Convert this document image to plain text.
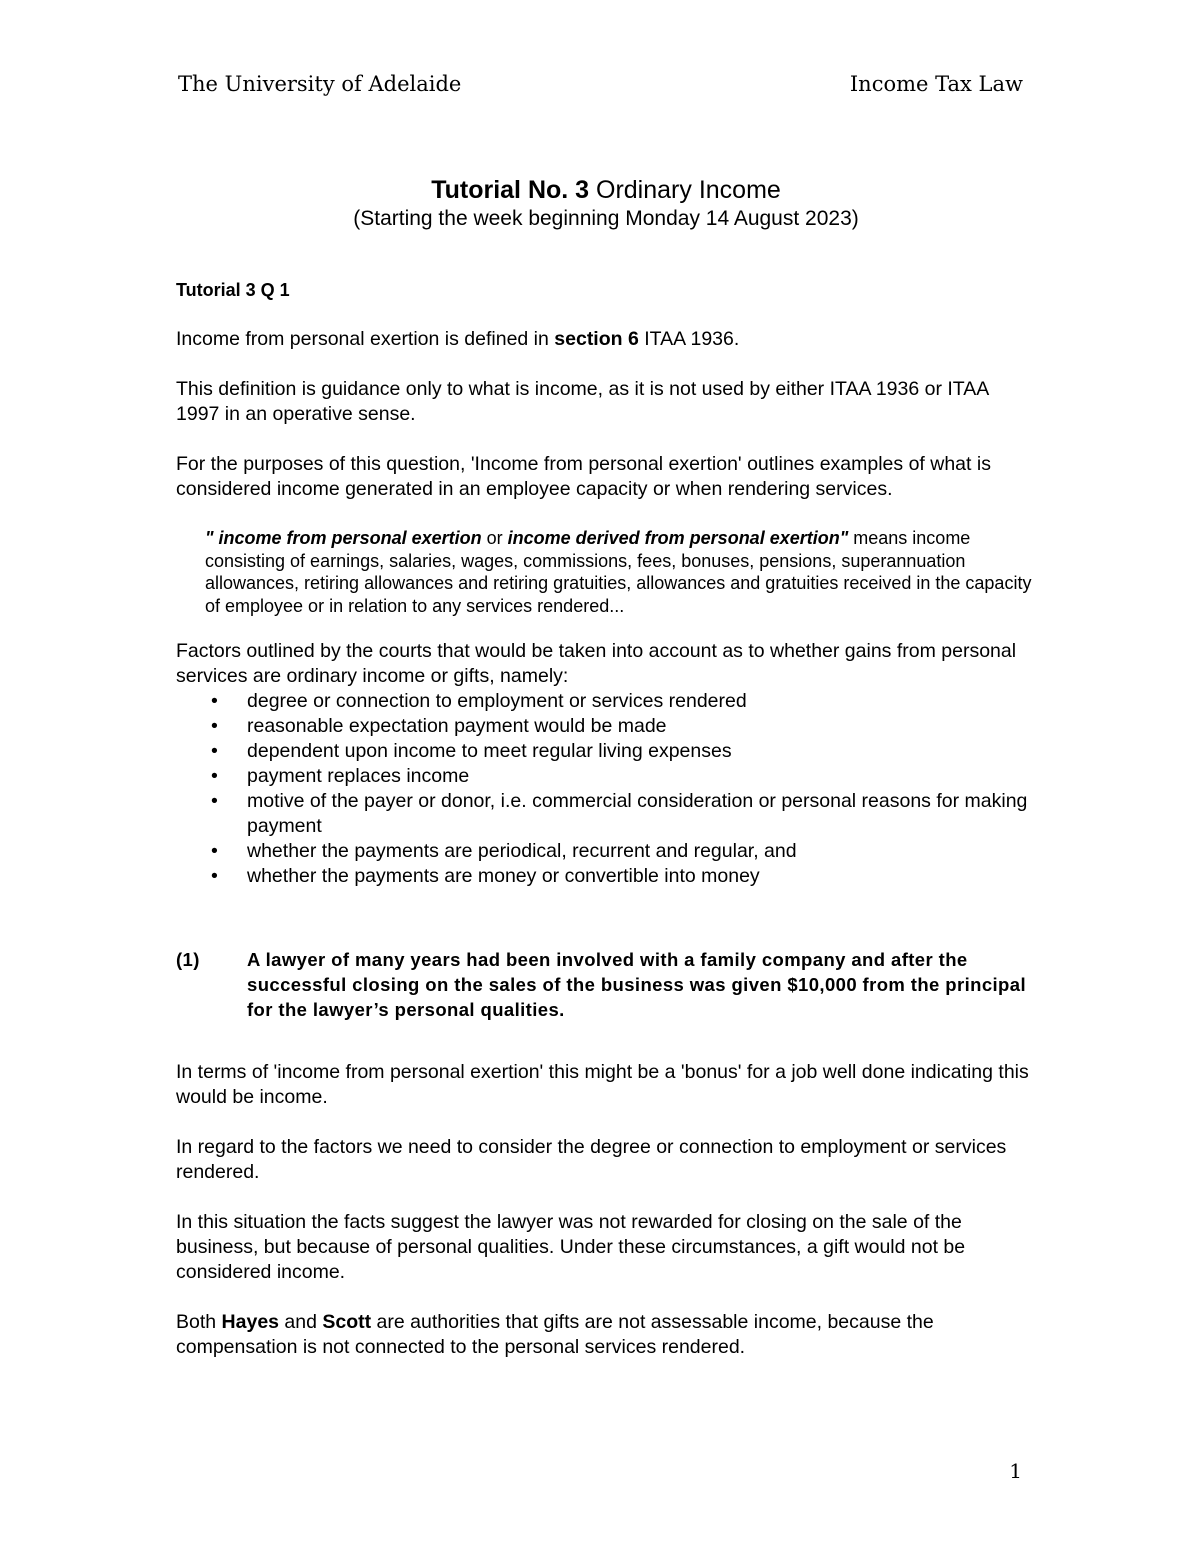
The University of Adelaide	Income Tax Law
Tutorial No. 3 Ordinary Income
(Starting the week beginning Monday 14 August 2023)
Tutorial 3 Q 1

Income from personal exertion is defined in section 6 ITAA 1936.

This definition is guidance only to what is income, as it is not used by either ITAA 1936 or ITAA 1997 in an operative sense.

For the purposes of this question, 'Income from personal exertion' outlines examples of what is considered income generated in an employee capacity or when rendering services.

" income from personal exertion or income derived from personal exertion" means income consisting of earnings, salaries, wages, commissions, fees, bonuses, pensions, superannuation allowances, retiring allowances and retiring gratuities, allowances and gratuities received in the capacity of employee or in relation to any services rendered...

Factors outlined by the courts that would be taken into account as to whether gains from personal services are ordinary income or gifts, namely:

• degree or connection to employment or services rendered
• reasonable expectation payment would be made
• dependent upon income to meet regular living expenses
• payment replaces income
• motive of the payer or donor, i.e. commercial consideration or personal reasons for making payment
• whether the payments are periodical, recurrent and regular, and
• whether the payments are money or convertible into money
(1)	A lawyer of many years had been involved with a family company and after the successful closing on the sales of the business was given $10,000 from the principal for the lawyer’s personal qualities.

In terms of 'income from personal exertion' this might be a 'bonus' for a job well done indicating this would be income.

In regard to the factors we need to consider the degree or connection to employment or services rendered.

In this situation the facts suggest the lawyer was not rewarded for closing on the sale of the business, but because of personal qualities. Under these circumstances, a gift would not be considered income.

Both Hayes and Scott are authorities that gifts are not assessable income, because the compensation is not connected to the personal services rendered.

1
